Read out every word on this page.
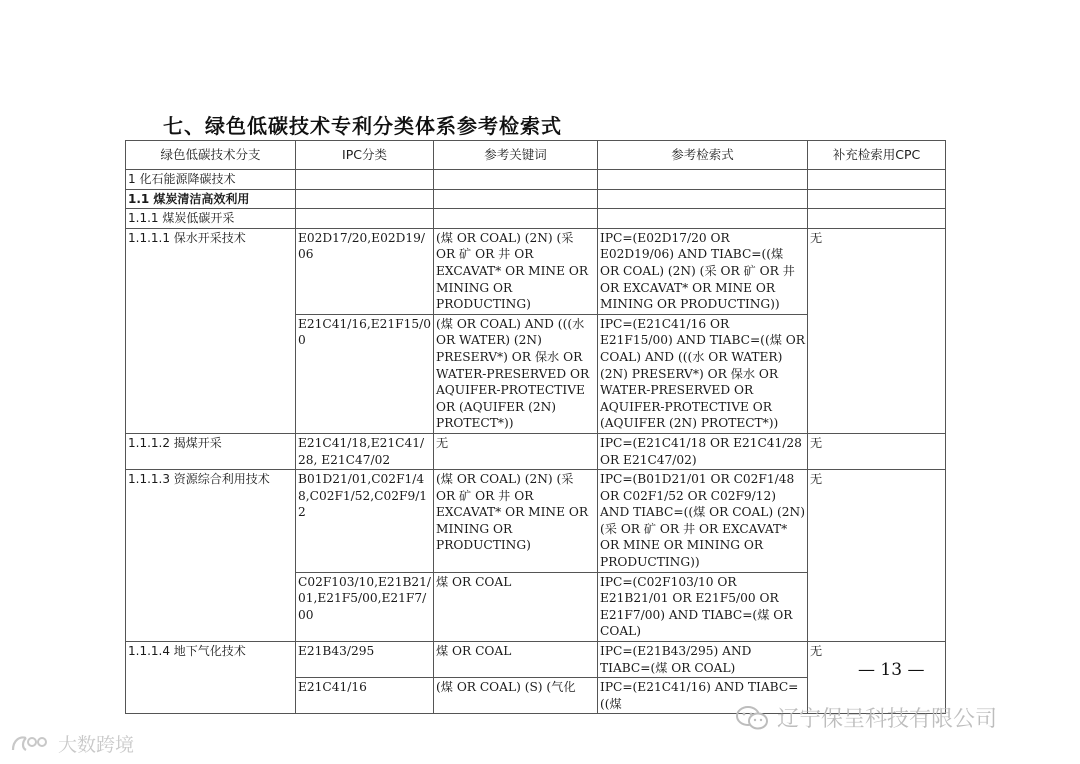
七、绿色低碳技术专利分类体系参考检索式
绿色低碳技术分支	IPC分类	参考关键词	参考检索式	补充检索用CPC
1 化石能源降碳技术				
1.1 煤炭清洁高效利用				
1.1.1 煤炭低碳开采				
1.1.1.1 保水开采技术	E02D17/20,E02D19/06	(煤 OR COAL) (2N) (采 OR 矿 OR 井 OR EXCAVAT* OR MINE OR MINING OR PRODUCTING)	IPC=(E02D17/20 OR E02D19/06) AND TIABC=((煤 OR COAL) (2N) (采 OR 矿 OR 井 OR EXCAVAT* OR MINE OR MINING OR PRODUCTING))	无
	E21C41/16,E21F15/00	(煤 OR COAL) AND (((水 OR WATER) (2N) PRESERV*) OR 保水 OR WATER-PRESERVED OR AQUIFER-PROTECTIVE OR (AQUIFER (2N) PROTECT*))	IPC=(E21C41/16 OR E21F15/00) AND TIABC=((煤 OR COAL) AND (((水 OR WATER) (2N) PRESERV*) OR 保水 OR WATER-PRESERVED OR AQUIFER-PROTECTIVE OR (AQUIFER (2N) PROTECT*))	
1.1.1.2 揭煤开采	E21C41/18,E21C41/28, E21C47/02	无	IPC=(E21C41/18 OR E21C41/28 OR E21C47/02)	无
1.1.1.3 资源综合利用技术	B01D21/01,C02F1/48,C02F1/52,C02F9/12	(煤 OR COAL) (2N) (采 OR 矿 OR 井 OR EXCAVAT* OR MINE OR MINING OR PRODUCTING)	IPC=(B01D21/01 OR C02F1/48 OR C02F1/52 OR C02F9/12) AND TIABC=((煤 OR COAL) (2N) (采 OR 矿 OR 井 OR EXCAVAT* OR MINE OR MINING OR PRODUCTING))	无
	C02F103/10,E21B21/01,E21F5/00,E21F7/00	煤 OR COAL	IPC=(C02F103/10 OR E21B21/01 OR E21F5/00 OR E21F7/00) AND TIABC=(煤 OR COAL)	
1.1.1.4 地下气化技术	E21B43/295	煤 OR COAL	IPC=(E21B43/295) AND TIABC=(煤 OR COAL)	无
	E21C41/16	(煤 OR COAL) (S) (气化	IPC=(E21C41/16) AND TIABC=((煤	
— 13 —
大数跨境
辽宁保呈科技有限公司
